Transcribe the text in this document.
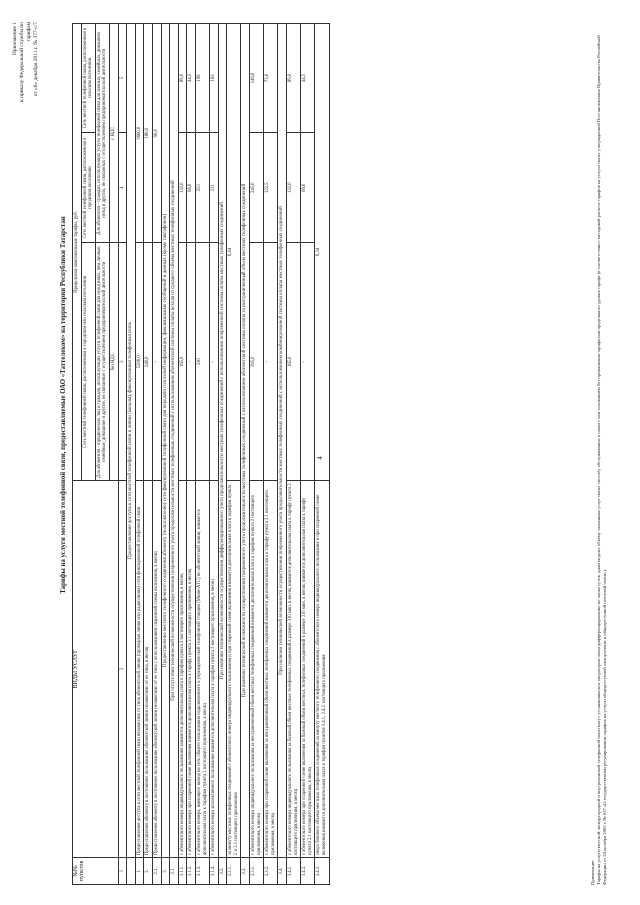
4
Приложение 1 к приказу Федеральной службы по тарифам от «6» декабря 2011 г. № 377-с/7
Тарифы на услуги местной телефонной связи, предоставляемые ОАО «Таттелеком» на территории Республики Татарстан
№№ пунктов	ВИДЫ УСЛУГ	Предельные максимальные тарифы, руб.		
		Сеть местной телефонной связи, расположенная в городском или сельском поселении	Сеть местной телефонной связи, расположенная в городском поселении	Сеть местной телефонной связи, расположенная в сельском поселении
		Для абонентов - юридических лиц и граждан, использующих услуги телефонной связи для нужд иных, чем личные, семейные, домашние и другие, не связанные с осуществлением предпринимательской деятельности	Для абонентов - граждан, использующих услуги телефонной связи для личных, семейных, домашних нужд и других, не связанных с осуществлением предпринимательской деятельности	
		без НДС	с НДС	
1	2	3	4	5
	Предоставление доступа к сети местной телефонной связи и линии (каналы), фиксированная телефонная связь			
1.	Предоставление доступа к сети местной телефонной связи независимо от типа абонентской линии (проводная линия или радиолиния) сети фиксированной телефонной связи	5200,0	3600,0	
2.	Предоставление абоненту в постоянное пользование абонентской линии независимо от ее типа, в месяц	240,0	180,0	
2.1.	Предоставление абоненту в постоянное пользование абонентской линии независимо от ее типа с использованием спаренной схемы включения, в месяц	-	90,0	
3.	Предоставление местного телефонного соединения абоненту (пользователю) сети фиксированной телефонной связи для передачи голосовой информации, факсимильных сообщений и данных (кроме таксофонов)			
3.1.	При отсутствии технической возможности осуществления повременного учета продолжительности местных телефонных соединений с использованием абонентской системы оплаты исходя из среднего объема местных телефонных соединений			
3.1.1.	с абонентского номера индивидуального пользования взимается дополнительная плата к тарифам пункта 2 настоящего приложения, в месяц	165,0	132,0	89,0
3.1.2.	с абонентского номера при спаренной схеме включения взимается дополнительная плата к тарифу пункта 2.1 настоящего приложения, в месяц	-	66,0	44,5
3.1.3.	с абонентского номера, имеющего выход на сеть общего пользования подключенного к учрежденческой телефонной станции (Мини-АТС) по абонентской линии, взимается дополнительная плата к тарифам пункта 2 настоящего приложения, в месяц	330	253	199
3.1.4.	с абонентского номера коллективного пользования взимается дополнительная плата к тарифам пункта 2 настоящего приложения, в месяц	-	211	163
3.2.	При наличии технической возможности осуществления дифференцированного учета продолжительности местных телефонных соединений с использованием повременной системы оплаты местных телефонных соединений			
3.2.1.	за минуту местных телефонных соединений с абонентского номера индивидуального пользования и при спаренной схеме включения взимается дополнительная плата к тарифам пункта 2 и 2.1 настоящего приложения	0,44		
3.3.	При наличии технической возможности осуществления повременного учета продолжительности местных телефонных соединений с использованием абонентской системы оплаты за неограниченный объем местных телефонных соединений			
3.3.1.	с абонентского номера индивидуального пользования за неограниченный объем местных телефонных соединений взимается дополнительная плата к тарифам пункта 2 настоящего приложения, в месяц	395,0	245,0	146,0
3.3.2.	с абонентского номера при спаренной схеме включения за неограниченный объем местных телефонных соединений взимается дополнительная плата к тарифу пункта 2.1 настоящего приложения, в месяц	-	122,5	73,0
3.4.	При наличии технической возможности осуществления повременного учета продолжительности местных телефонных соединений с использованием комбинированной системы оплаты местных телефонных соединений			
3.4.1.	с абонентского номера индивидуального пользования за базовый объем местных телефонных соединений в размере 310 мин. в месяц взимается дополнительная плата к тарифу пункта 2 настоящего приложения, в месяц	165,0	132,0	89,0
3.4.2.	с абонентского номера при спаренной схеме включения за базовый объем местных телефонных соединений в размере 310 мин. в месяц взимается дополнительная плата к тарифу пункта 2.1 настоящего приложения, в месяц	-	66,0	44,5
3.4.3.	сверх базового объема местных телефонных соединений за минуту местного телефонного соединения с абонентского номера индивидуального пользования и при спаренной схеме включения взимается дополнительная плата к тарифам пунктов 3.4.1, 3.4.2. настоящего приложения	0,34		
Примечание: Тарифы на услуги местной, междугородной и внутризоновой телефонной связи могут устанавливаться оператором связи дифференцированно по часам суток, дням недели, объему оказанных услуг связи, способу обслуживания, в связи с чем основанием без превышения тарифа или предельного уровня тарифа (в соответствии с методикой расчета тарифов на услуги связи, утвержденной Постановлением Правительства Российской Федерации от 24 октября 2005 г. № 637 «О государственном регулировании тарифов на услуги общедоступной электросвязи и общедоступной почтовой связи»).
